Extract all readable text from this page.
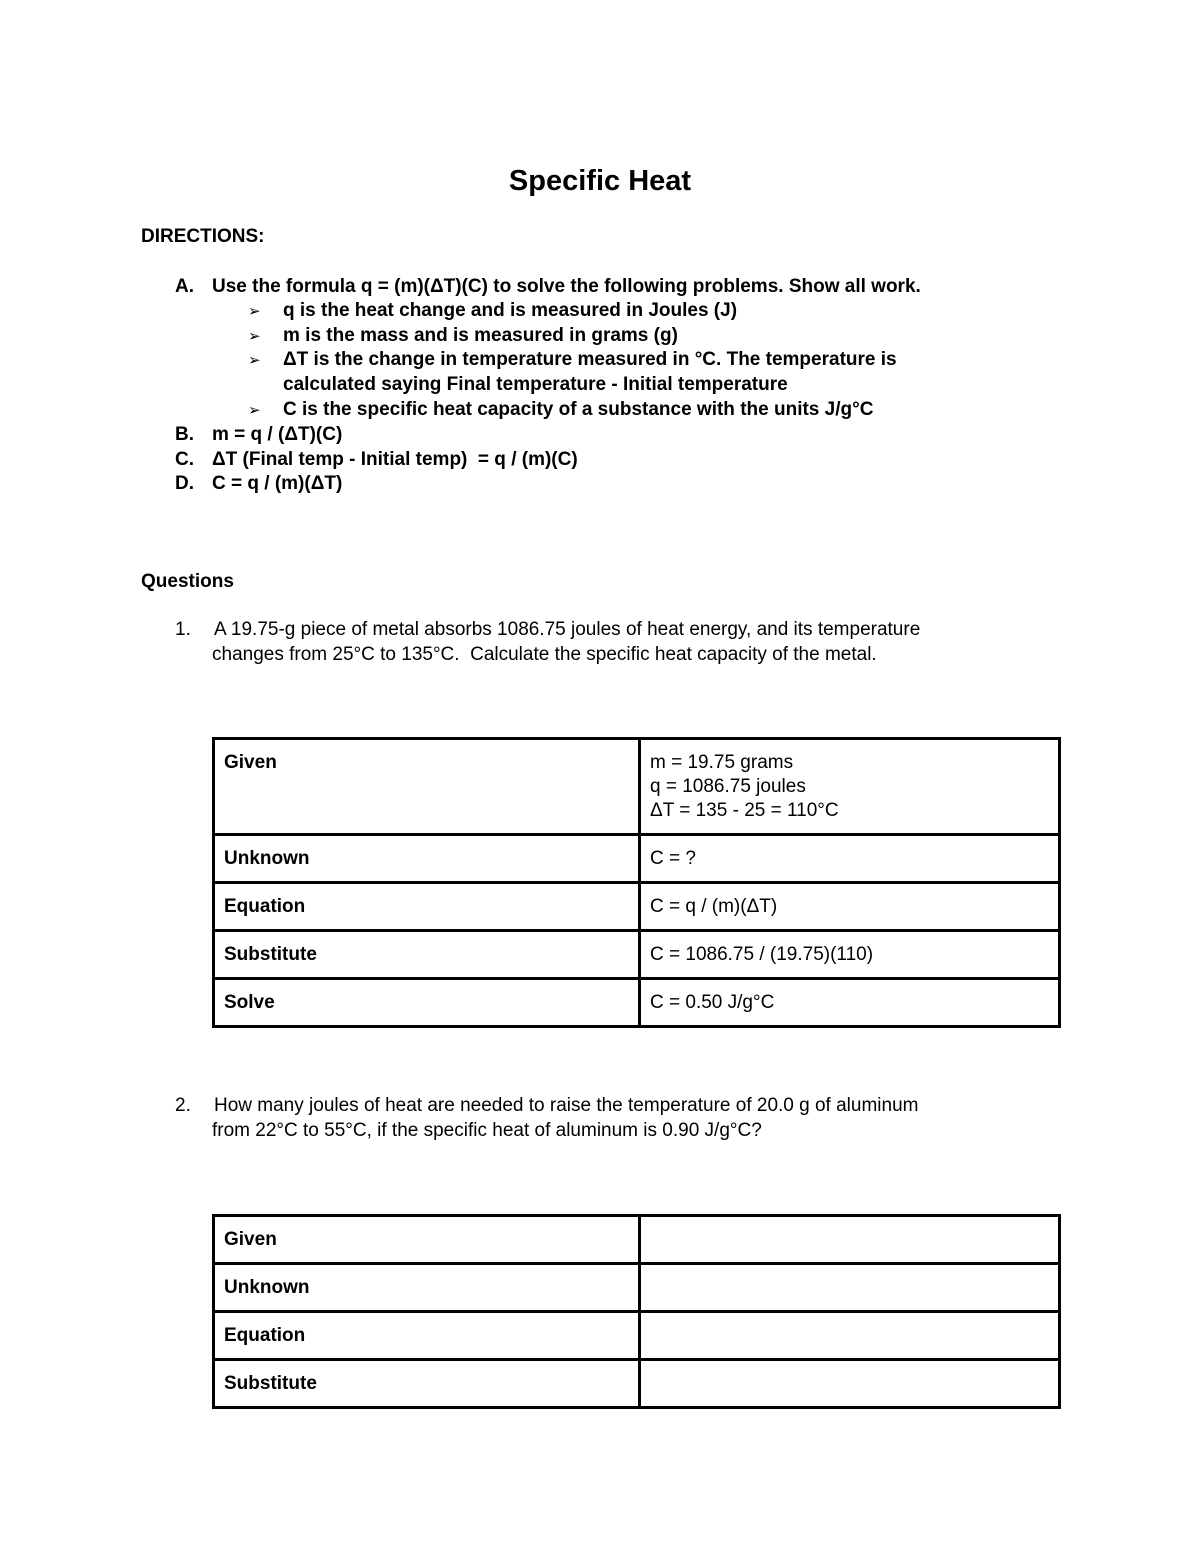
Specific Heat
DIRECTIONS:
A. Use the formula q = (m)(ΔT)(C) to solve the following problems. Show all work.
➢ q is the heat change and is measured in Joules (J)
➢ m is the mass and is measured in grams (g)
➢ ΔT is the change in temperature measured in °C. The temperature is
calculated saying Final temperature - Initial temperature
➢ C is the specific heat capacity of a substance with the units J/g°C
B. m = q / (ΔT)(C)
C. ΔT (Final temp - Initial temp)  = q / (m)(C)
D. C = q / (m)(ΔT)
Questions
1. A 19.75-g piece of metal absorbs 1086.75 joules of heat energy, and its temperature
changes from 25°C to 135°C.  Calculate the specific heat capacity of the metal.
Given	m = 19.75 grams
q = 1086.75 joules
ΔT = 135 - 25 = 110°C

Unknown	C = ?
Equation	C = q / (m)(ΔT)
Substitute	C = 1086.75 / (19.75)(110)
Solve	C = 0.50 J/g°C
2. How many joules of heat are needed to raise the temperature of 20.0 g of aluminum
from 22°C to 55°C, if the specific heat of aluminum is 0.90 J/g°C?
Given	
Unknown	
Equation	
Substitute	
